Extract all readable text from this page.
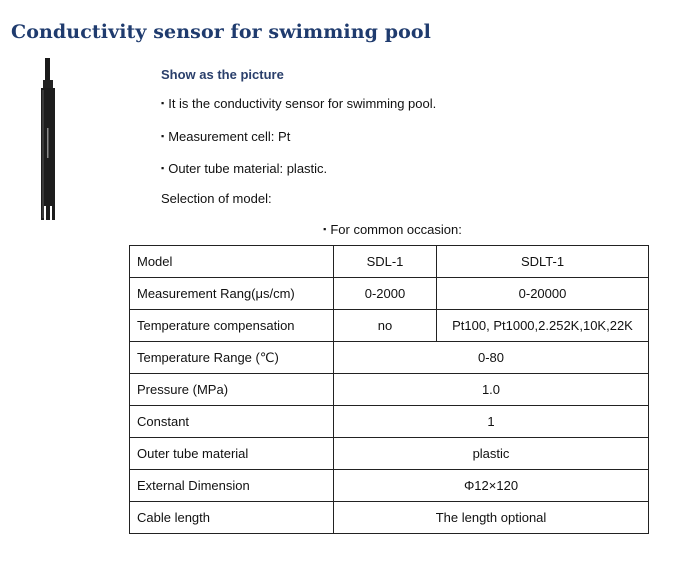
Conductivity sensor for swimming pool
Show as the picture
▪ It is the conductivity sensor for swimming pool.
▪ Measurement cell: Pt
▪ Outer tube material: plastic.
Selection of model:
▪ For common occasion:
Model	SDL-1	SDLT-1
Measurement Rang(μs/cm)	0-2000	0-20000
Temperature compensation	no	Pt100, Pt1000,2.252K,10K,22K
Temperature Range (℃)	0-80	
Pressure (MPa)	1.0	
Constant	1	
Outer tube material	plastic	
External Dimension	Φ12×120	
Cable length	The length optional	
